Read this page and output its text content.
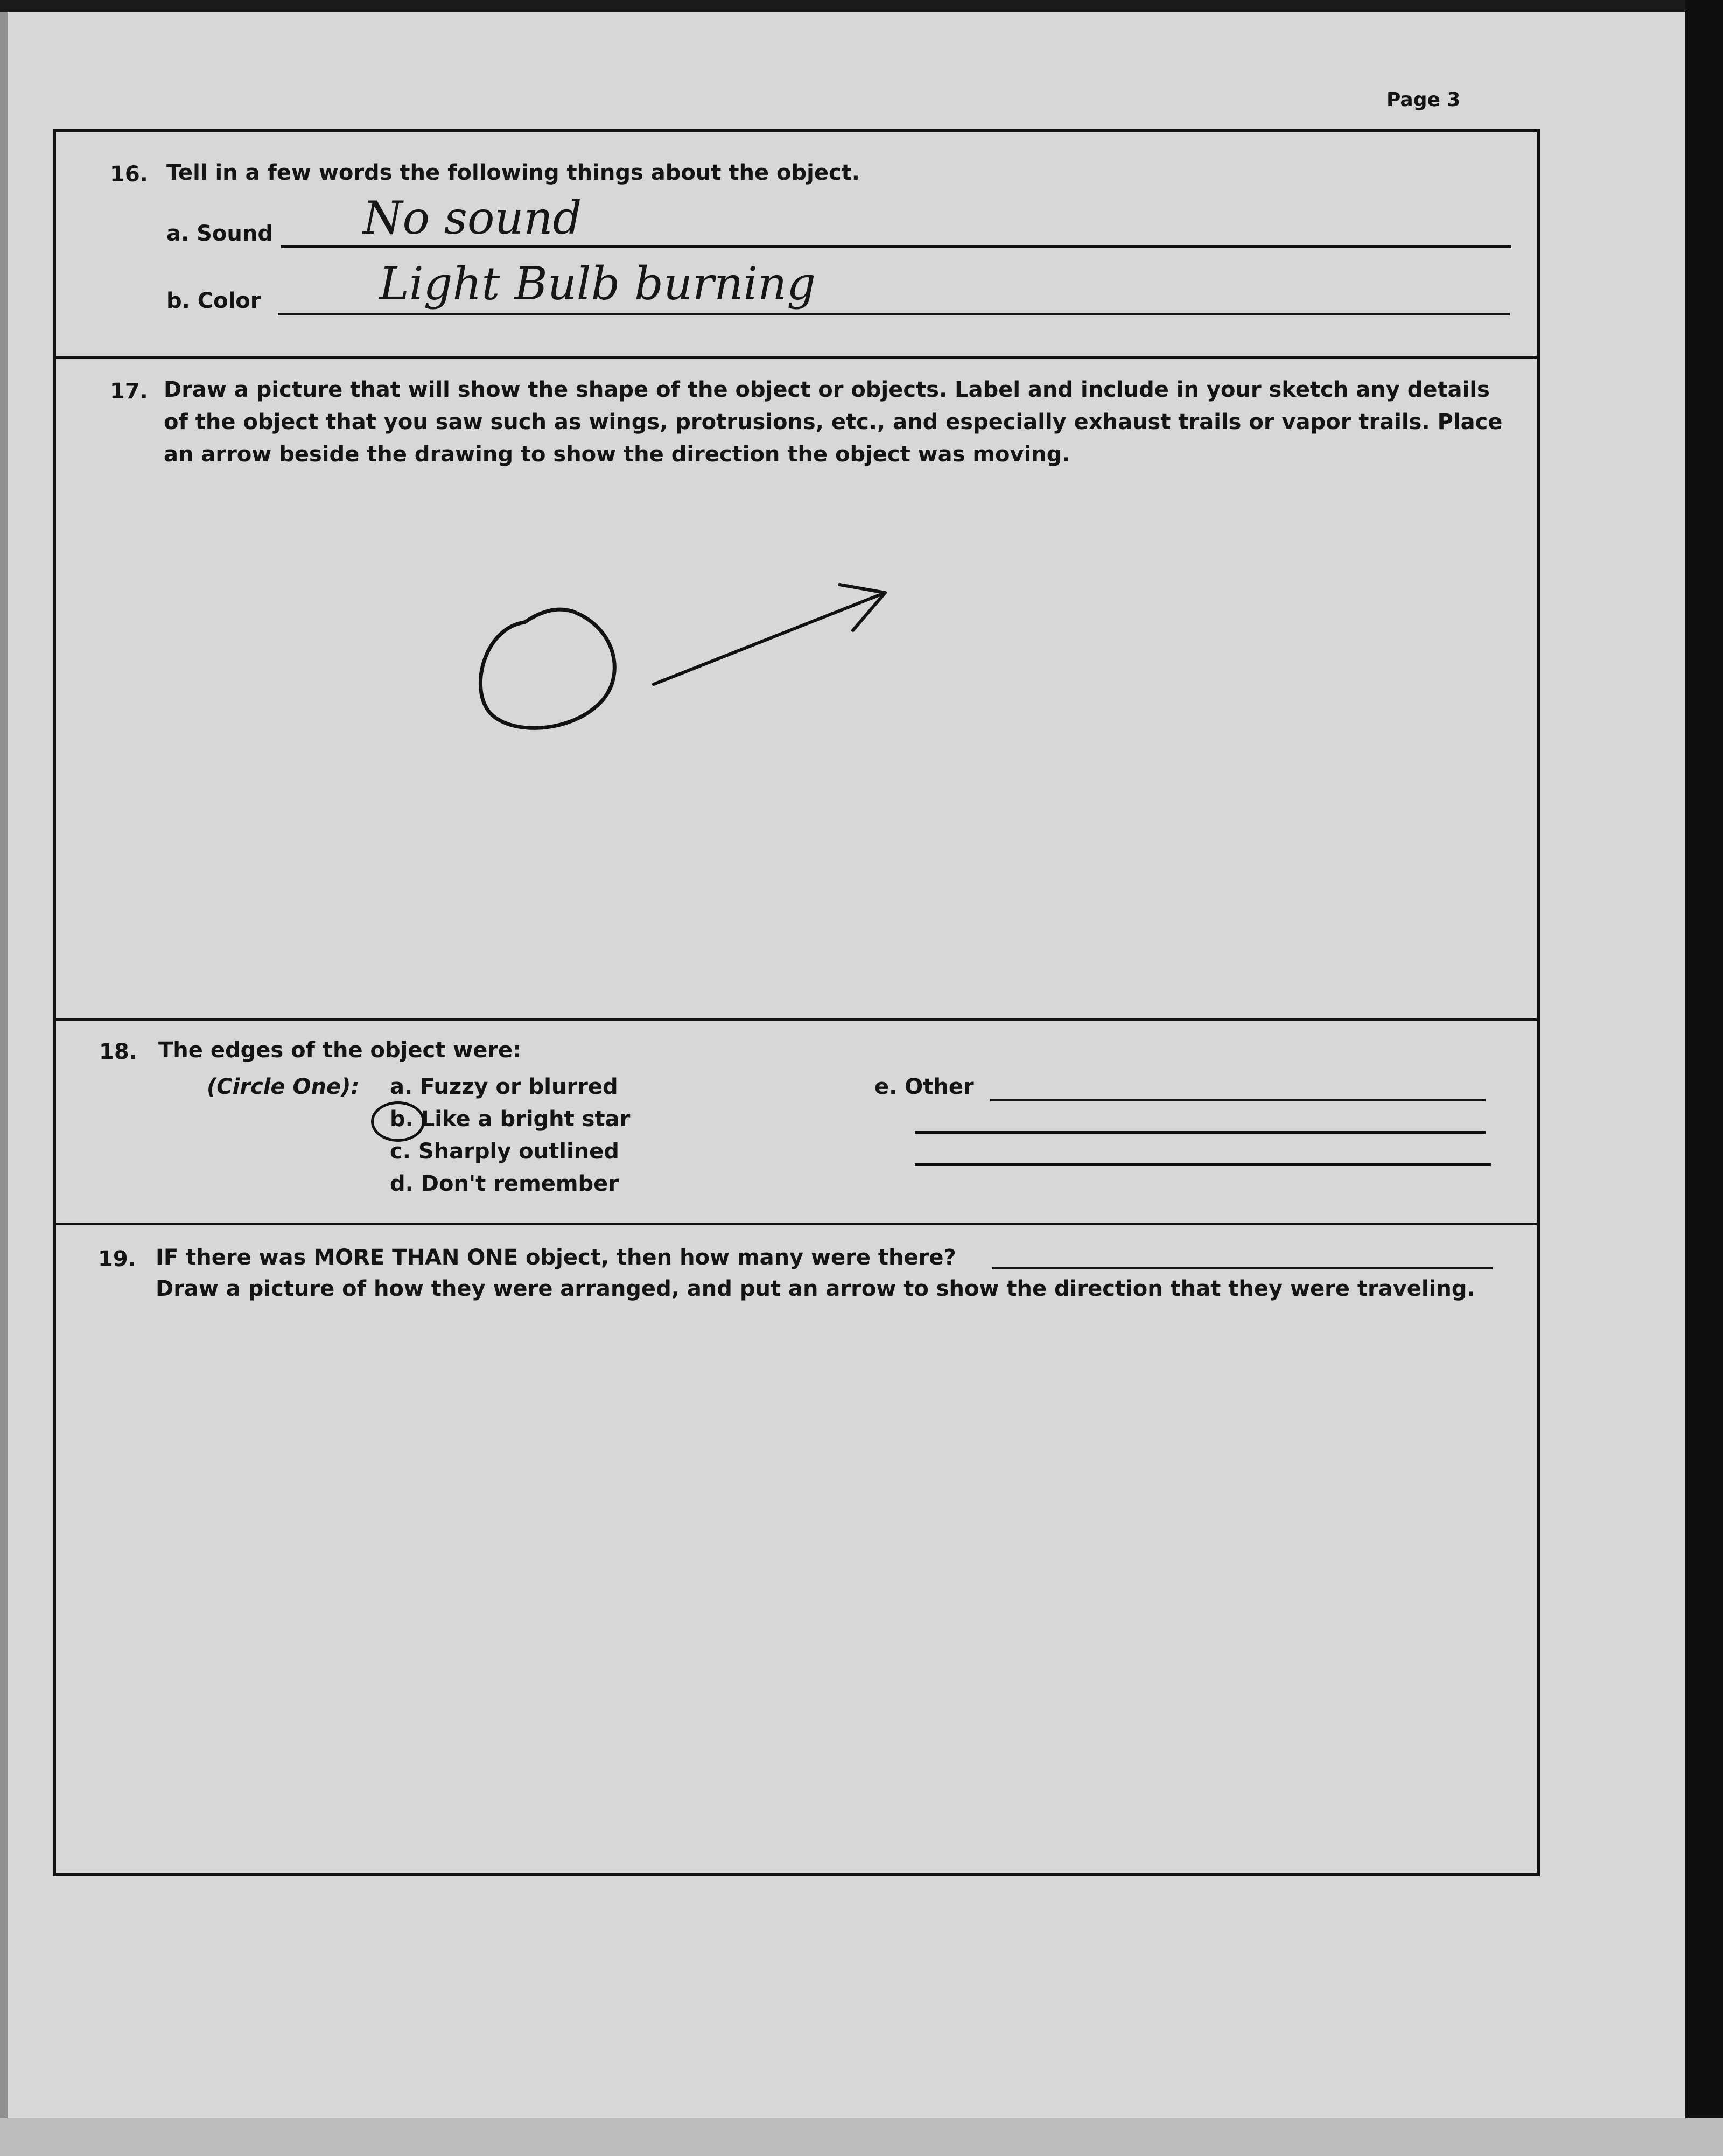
Page 3
16. Tell in a few words the following things about the object.
a. Sound No sound
b. Color	Light Bulb burning
17. Draw a picture that will show the shape of the object or objects. Label and include in your sketch any details
of the object that you saw such as wings, protrusions, etc., and especially exhaust trails or vapor trails. Place
an arrow beside the drawing to show the direction the object was moving.
18. The edges of the object were:
(Circle One): a. Fuzzy or blurred
b. Like a bright star
c. Sharply outlined
d. Don't remember
e. Other
19. IF there was MORE THAN ONE object, then how many were there?
Draw a picture of how they were arranged, and put an arrow to show the direction that they were traveling.
